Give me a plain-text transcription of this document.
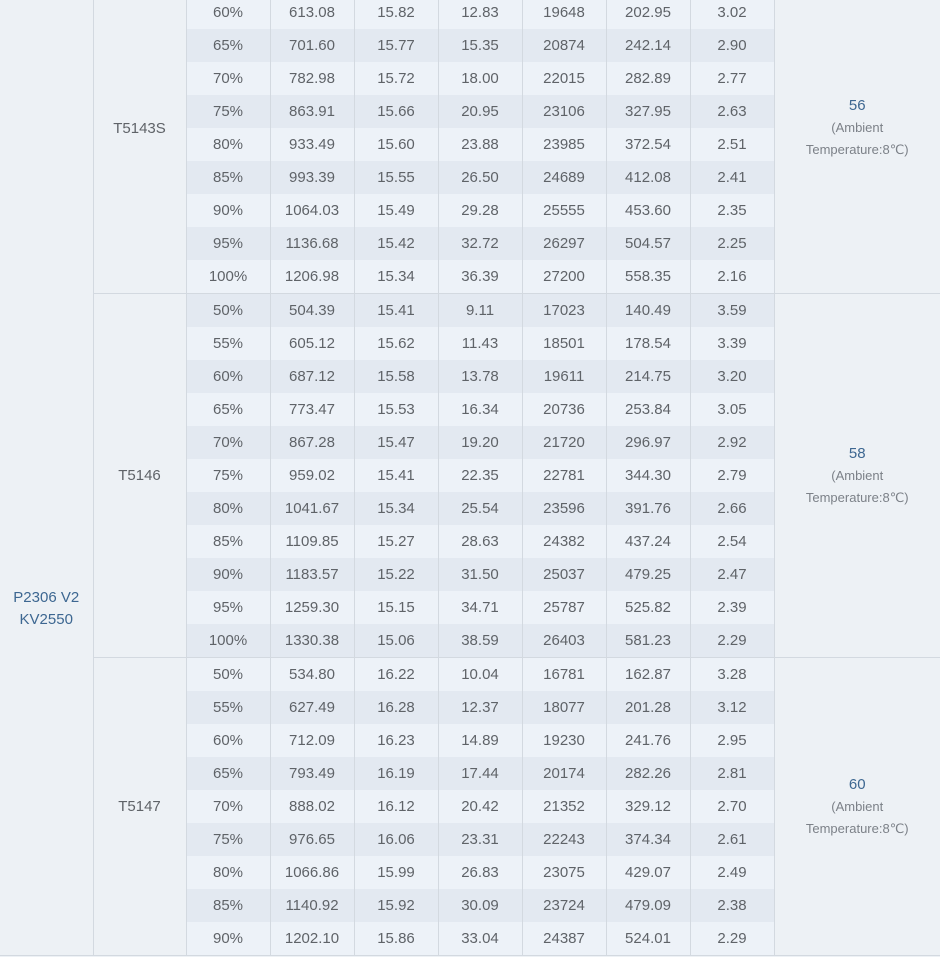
P2306 V2
KV2550
	T5143S								
56
(Ambient
Temperature:8℃)

		60%	613.08	15.82	12.83	19648	202.95	3.02	
		65%	701.60	15.77	15.35	20874	242.14	2.90	
		70%	782.98	15.72	18.00	22015	282.89	2.77	
		75%	863.91	15.66	20.95	23106	327.95	2.63	
		80%	933.49	15.60	23.88	23985	372.54	2.51	
		85%	993.39	15.55	26.50	24689	412.08	2.41	
		90%	1064.03	15.49	29.28	25555	453.60	2.35	
		95%	1136.68	15.42	32.72	26297	504.57	2.25	
		100%	1206.98	15.34	36.39	27200	558.35	2.16	
	T5146	50%	504.39	15.41	9.11	17023	140.49	3.59	58
(Ambient
Temperature:8℃)

		55%	605.12	15.62	11.43	18501	178.54	3.39	
		60%	687.12	15.58	13.78	19611	214.75	3.20	
		65%	773.47	15.53	16.34	20736	253.84	3.05	
		70%	867.28	15.47	19.20	21720	296.97	2.92	
		75%	959.02	15.41	22.35	22781	344.30	2.79	
		80%	1041.67	15.34	25.54	23596	391.76	2.66	
		85%	1109.85	15.27	28.63	24382	437.24	2.54	
		90%	1183.57	15.22	31.50	25037	479.25	2.47	
		95%	1259.30	15.15	34.71	25787	525.82	2.39	
		100%	1330.38	15.06	38.59	26403	581.23	2.29	
	T5147	50%	534.80	16.22	10.04	16781	162.87	3.28	60
(Ambient
Temperature:8℃)

		55%	627.49	16.28	12.37	18077	201.28	3.12	
		60%	712.09	16.23	14.89	19230	241.76	2.95	
		65%	793.49	16.19	17.44	20174	282.26	2.81	
		70%	888.02	16.12	20.42	21352	329.12	2.70	
		75%	976.65	16.06	23.31	22243	374.34	2.61	
		80%	1066.86	15.99	26.83	23075	429.07	2.49	
		85%	1140.92	15.92	30.09	23724	479.09	2.38	
		90%	1202.10	15.86	33.04	24387	524.01	2.29	
